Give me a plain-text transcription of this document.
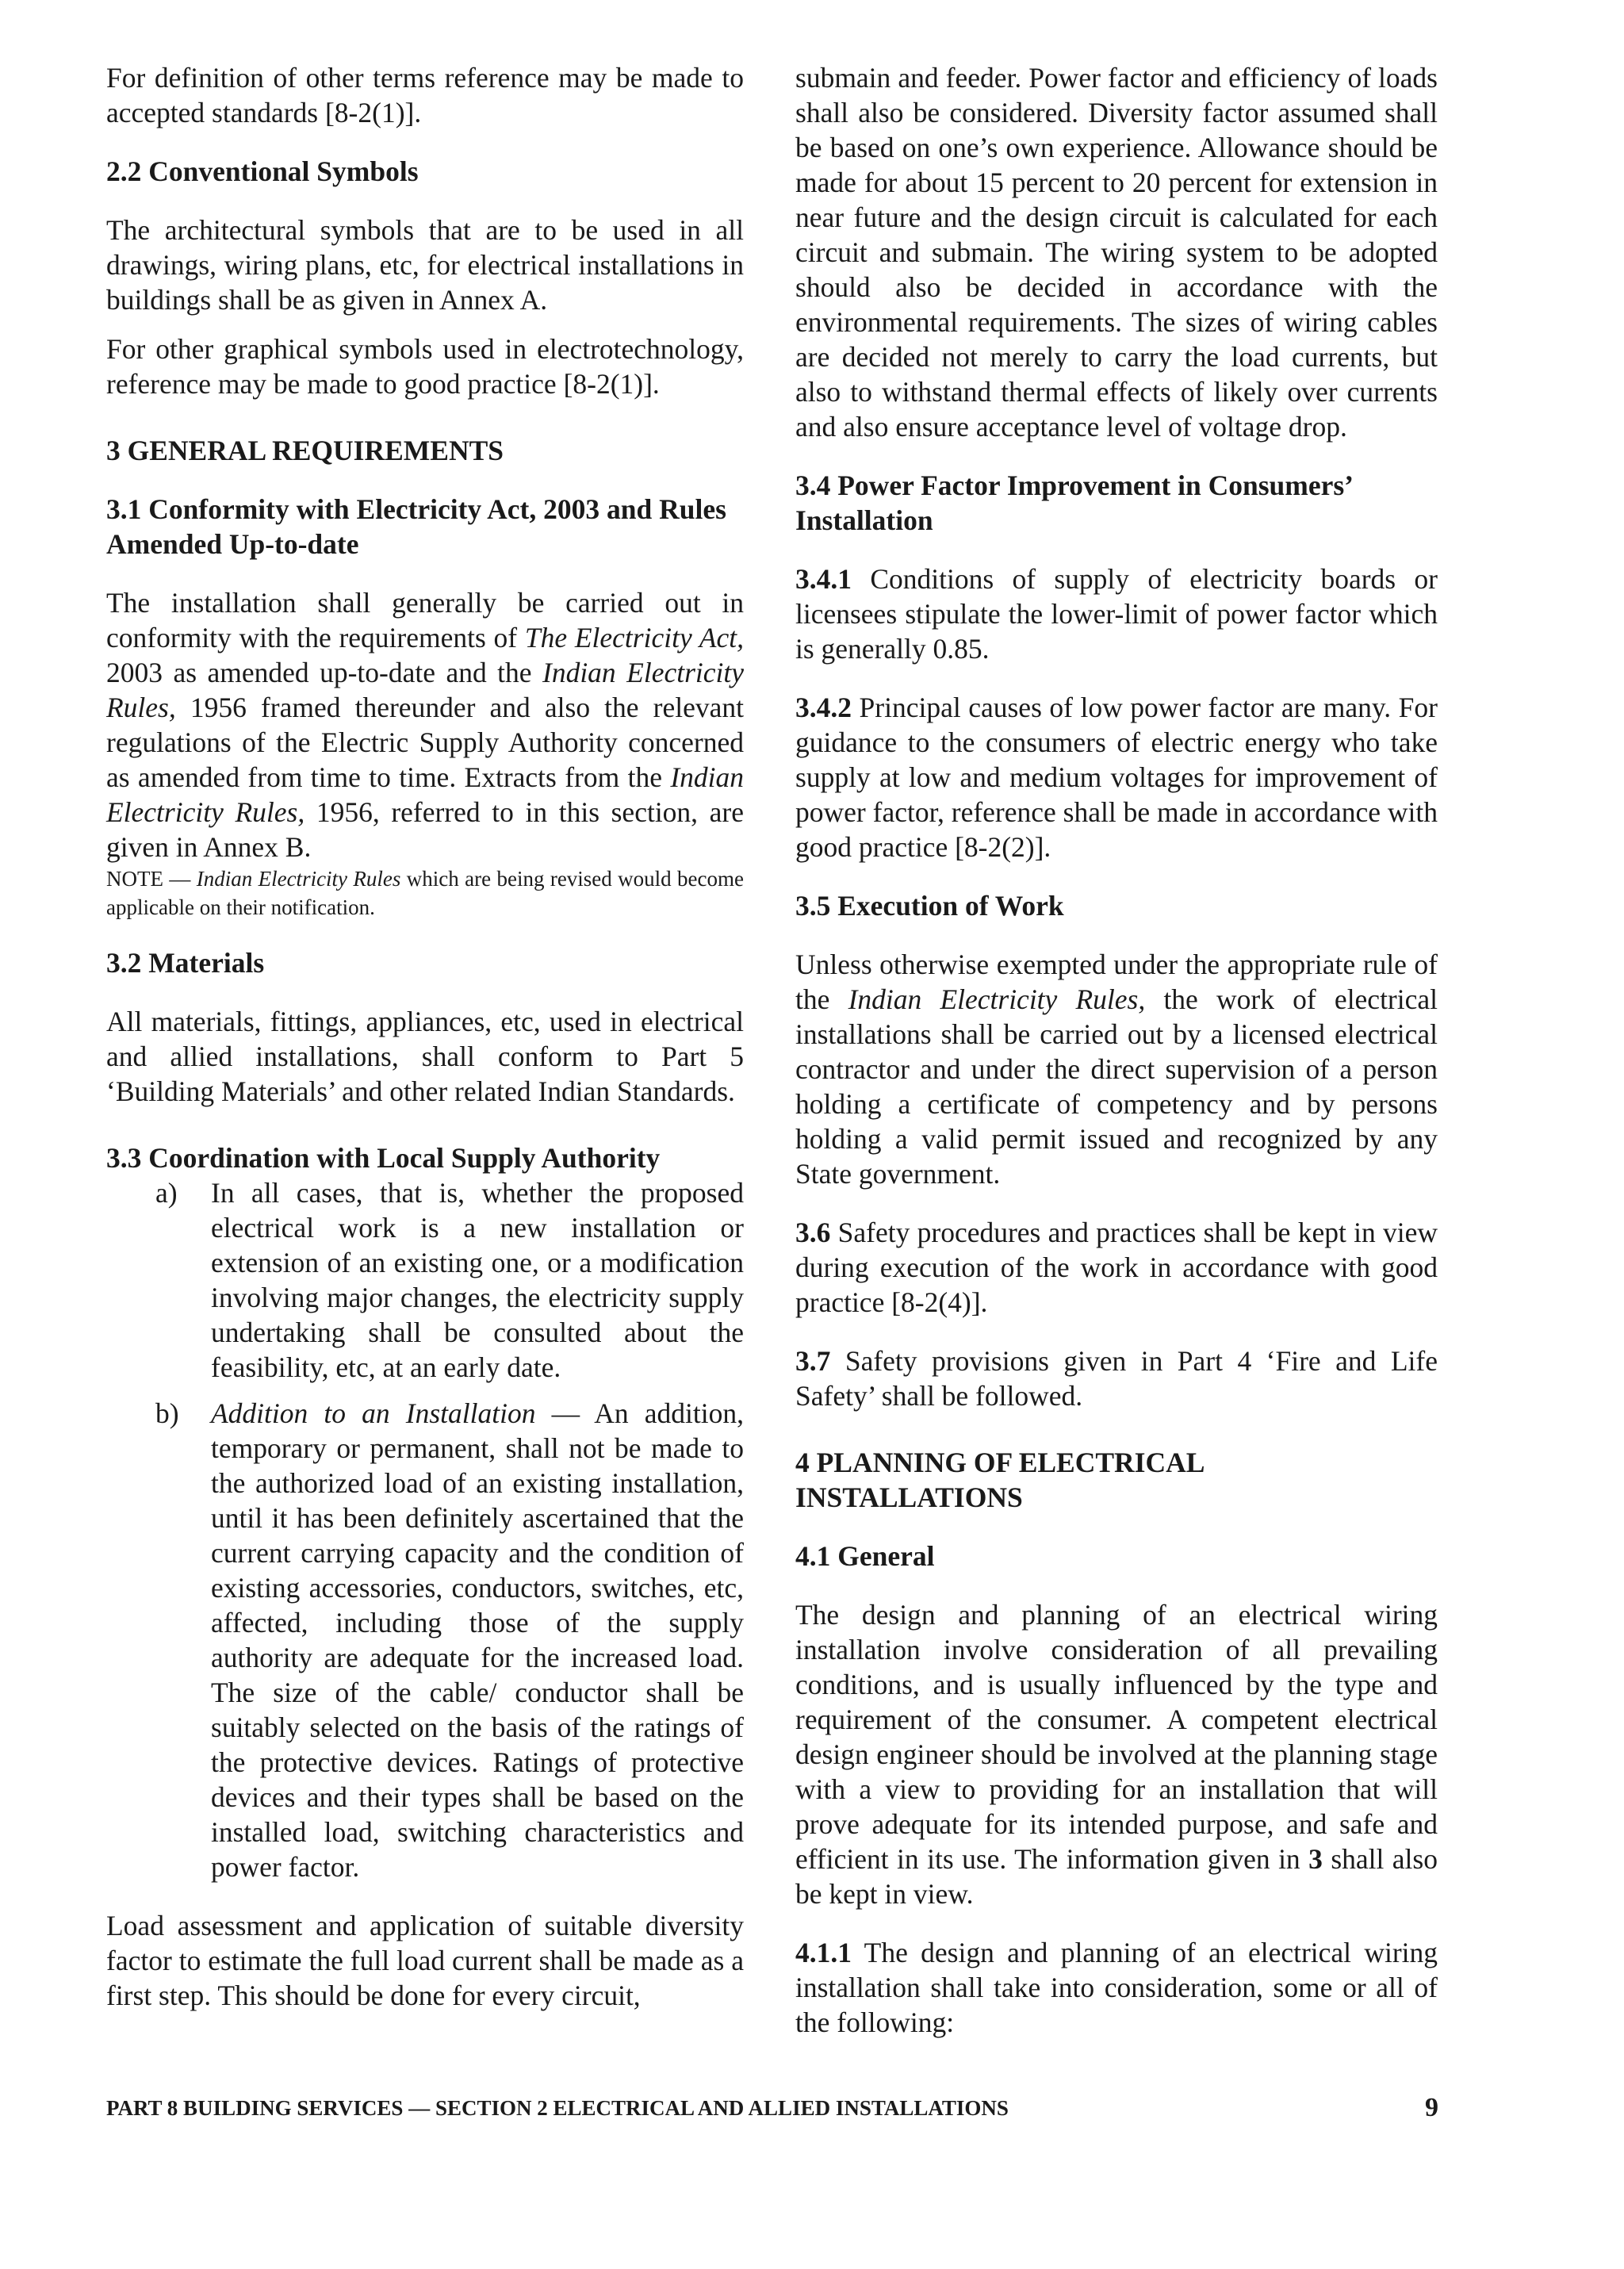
For definition of other terms reference may be made to accepted standards [8-2(1)].

2.2 Conventional Symbols

The architectural symbols that are to be used in all drawings, wiring plans, etc, for electrical installations in buildings shall be as given in Annex A.

For other graphical symbols used in electrotechnology, reference may be made to good practice [8-2(1)].

3 GENERAL REQUIREMENTS
3.1 Conformity with Electricity Act, 2003 and Rules Amended Up-to-date

The installation shall generally be carried out in conformity with the requirements of The Electricity Act, 2003 as amended up-to-date and the Indian Electricity Rules, 1956 framed thereunder and also the relevant regulations of the Electric Supply Authority concerned as amended from time to time. Extracts from the Indian Electricity Rules, 1956, referred to in this section, are given in Annex B.

NOTE — Indian Electricity Rules which are being revised would become applicable on their notification.

3.2 Materials

All materials, fittings, appliances, etc, used in electrical and allied installations, shall conform to Part 5 ‘Building Materials’ and other related Indian Standards.

3.3 Coordination with Local Supply Authority
a) In all cases, that is, whether the proposed electrical work is a new installation or extension of an existing one, or a modification involving major changes, the electricity supply undertaking shall be consulted about the feasibility, etc, at an early date.
b) Addition to an Installation — An addition, temporary or permanent, shall not be made to the authorized load of an existing installation, until it has been definitely ascertained that the current carrying capacity and the condition of existing accessories, conductors, switches, etc, affected, including those of the supply authority are adequate for the increased load. The size of the cable/ conductor shall be suitably selected on the basis of the ratings of the protective devices. Ratings of protective devices and their types shall be based on the installed load, switching characteristics and power factor.

Load assessment and application of suitable diversity factor to estimate the full load current shall be made as a first step. This should be done for every circuit,

submain and feeder. Power factor and efficiency of loads shall also be considered. Diversity factor assumed shall be based on one’s own experience. Allowance should be made for about 15 percent to 20 percent for extension in near future and the design circuit is calculated for each circuit and submain. The wiring system to be adopted should also be decided in accordance with the environmental requirements. The sizes of wiring cables are decided not merely to carry the load currents, but also to withstand thermal effects of likely over currents and also ensure acceptance level of voltage drop.

3.4 Power Factor Improvement in Consumers’ Installation

3.4.1 Conditions of supply of electricity boards or licensees stipulate the lower-limit of power factor which is generally 0.85.

3.4.2 Principal causes of low power factor are many. For guidance to the consumers of electric energy who take supply at low and medium voltages for improvement of power factor, reference shall be made in accordance with good practice [8-2(2)].

3.5 Execution of Work

Unless otherwise exempted under the appropriate rule of the Indian Electricity Rules, the work of electrical installations shall be carried out by a licensed electrical contractor and under the direct supervision of a person holding a certificate of competency and by persons holding a valid permit issued and recognized by any State government.

3.6 Safety procedures and practices shall be kept in view during execution of the work in accordance with good practice [8-2(4)].

3.7 Safety provisions given in Part 4 ‘Fire and Life Safety’ shall be followed.

4 PLANNING OF ELECTRICAL INSTALLATIONS
4.1 General

The design and planning of an electrical wiring installation involve consideration of all prevailing conditions, and is usually influenced by the type and requirement of the consumer. A competent electrical design engineer should be involved at the planning stage with a view to providing for an installation that will prove adequate for its intended purpose, and safe and efficient in its use. The information given in 3 shall also be kept in view.

4.1.1 The design and planning of an electrical wiring installation shall take into consideration, some or all of the following:

PART 8 BUILDING SERVICES — SECTION 2 ELECTRICAL AND ALLIED INSTALLATIONS	9
